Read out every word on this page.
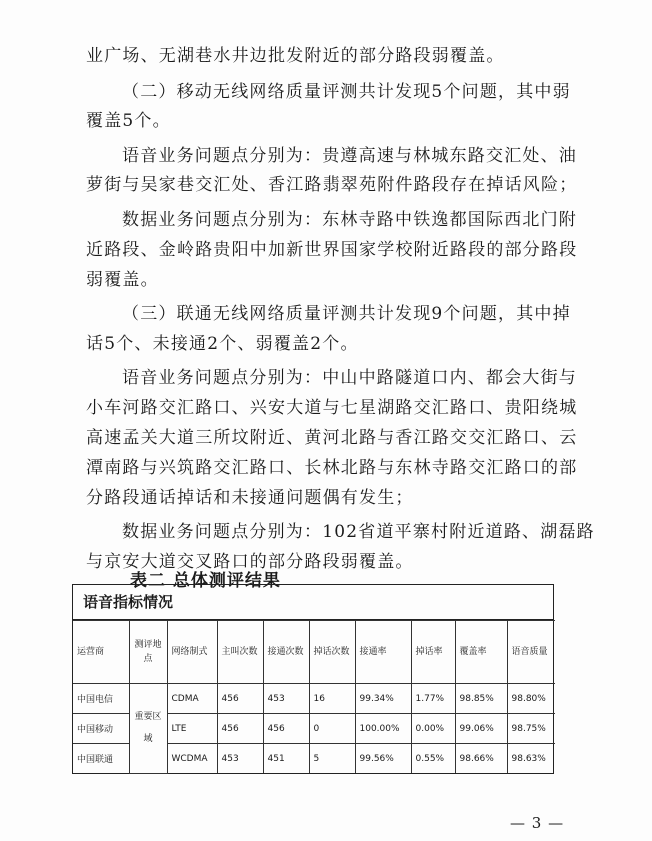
业广场、无湖巷水井边批发附近的部分路段弱覆盖。
（二）移动无线网络质量评测共计发现5个问题，其中弱
覆盖5个。
语音业务问题点分别为：贵遵高速与林城东路交汇处、油
萝街与吴家巷交汇处、香江路翡翠苑附件路段存在掉话风险；
数据业务问题点分别为：东林寺路中铁逸都国际西北门附
近路段、金岭路贵阳中加新世界国家学校附近路段的部分路段
弱覆盖。
（三）联通无线网络质量评测共计发现9个问题，其中掉
话5个、未接通2个、弱覆盖2个。
语音业务问题点分别为：中山中路隧道口内、都会大街与
小车河路交汇路口、兴安大道与七星湖路交汇路口、贵阳绕城
高速孟关大道三所坟附近、黄河北路与香江路交交汇路口、云
潭南路与兴筑路交汇路口、长林北路与东林寺路交汇路口的部
分路段通话掉话和未接通问题偶有发生；
数据业务问题点分别为：102省道平寨村附近道路、湖磊路
与京安大道交叉路口的部分路段弱覆盖。
表二 总体测评结果
语音指标情况
运营商	测评地点	网络制式	主叫次数	接通次数	掉话次数	接通率	掉话率	覆盖率	语音质量
中国电信	重要区域	CDMA	456	453	16	99.34%	1.77%	98.85%	98.80%
中国移动		LTE	456	456	0	100.00%	0.00%	99.06%	98.75%
中国联通		WCDMA	453	451	5	99.56%	0.55%	98.66%	98.63%
— 3 —
